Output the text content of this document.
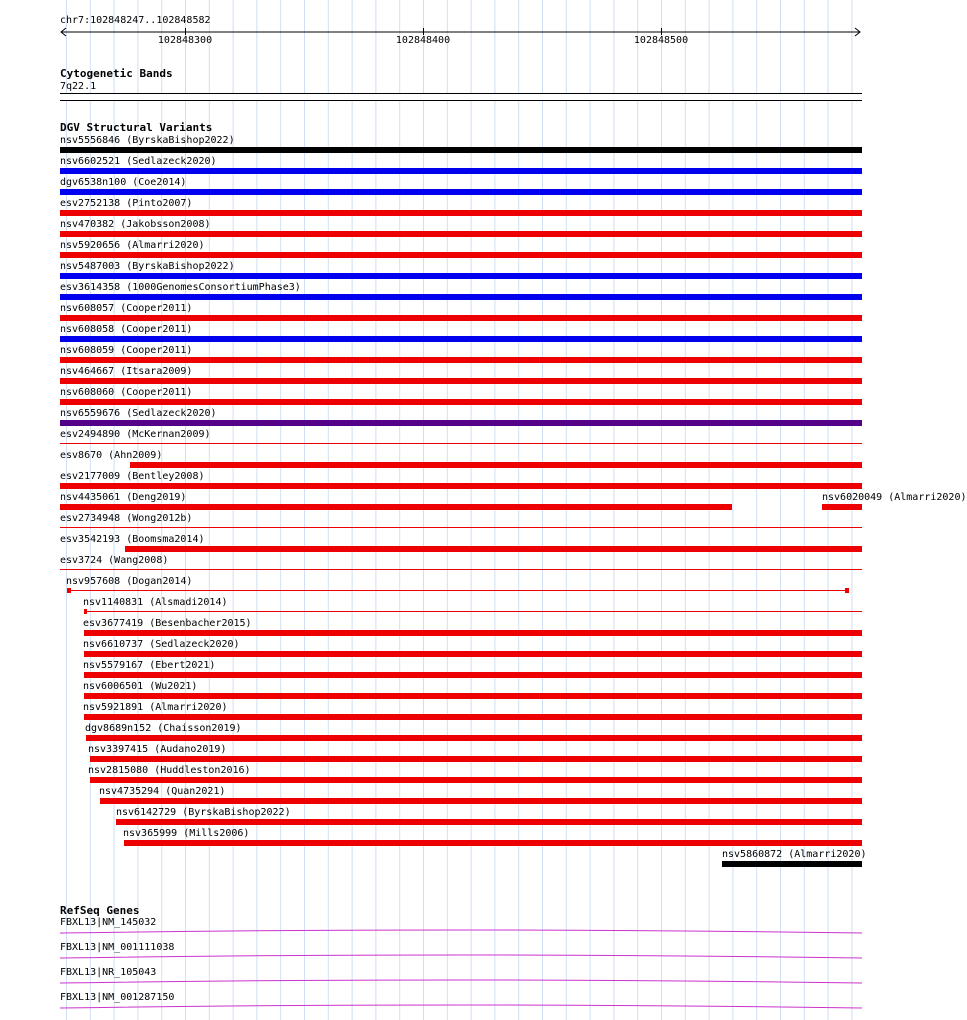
chr7:102848247..102848582
102848300	102848400	102848500
Cytogenetic Bands
7q22.1
DGV Structural Variants
nsv5556846 (ByrskaBishop2022)
nsv6602521 (Sedlazeck2020)
dgv6538n100 (Coe2014)
esv2752138 (Pinto2007)
nsv470382 (Jakobsson2008)
nsv5920656 (Almarri2020)
nsv5487003 (ByrskaBishop2022)
esv3614358 (1000GenomesConsortiumPhase3)
nsv608057 (Cooper2011)
nsv608058 (Cooper2011)
nsv608059 (Cooper2011)
nsv464667 (Itsara2009)
nsv608060 (Cooper2011)
nsv6559676 (Sedlazeck2020)
esv2494890 (McKernan2009)
esv8670 (Ahn2009)
esv2177009 (Bentley2008)
nsv4435061 (Deng2019)
esv2734948 (Wong2012b)
esv3542193 (Boomsma2014)
esv3724 (Wang2008)
nsv957608 (Dogan2014)
nsv1140831 (Alsmadi2014)
esv3677419 (Besenbacher2015)
nsv6610737 (Sedlazeck2020)
nsv5579167 (Ebert2021)
nsv6006501 (Wu2021)
nsv5921891 (Almarri2020)
dgv8689n152 (Chaisson2019)
nsv3397415 (Audano2019)
nsv2815080 (Huddleston2016)
nsv4735294 (Quan2021)
nsv6142729 (ByrskaBishop2022)
nsv365999 (Mills2006)
nsv5860872 (Almarri2020)
nsv6020049 (Almarri2020)
RefSeq Genes
FBXL13|NM_145032
FBXL13|NM_001111038
FBXL13|NR_105043
FBXL13|NM_001287150
